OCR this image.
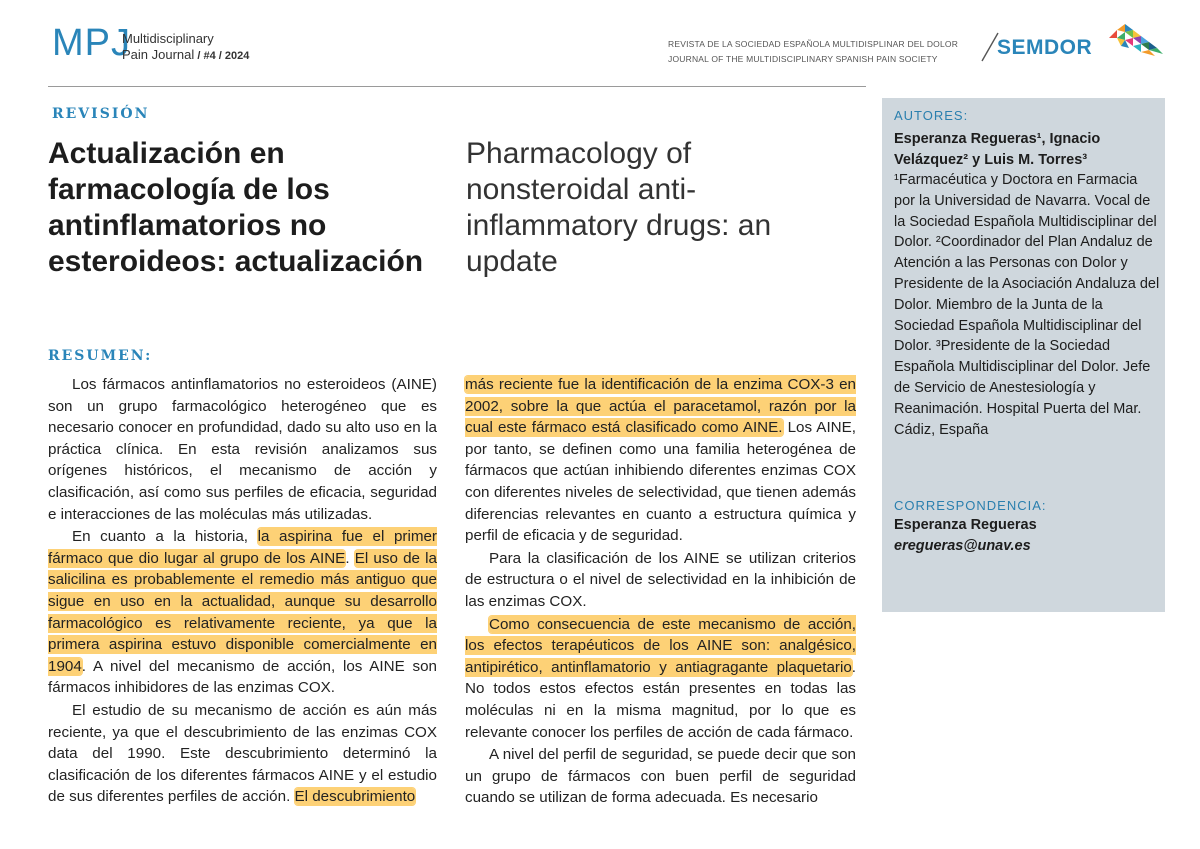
MPJ
Multidisciplinary
Pain Journal / #4 / 2024
REVISTA DE LA SOCIEDAD ESPAÑOLA MULTIDISPLINAR DEL DOLOR
JOURNAL OF THE MULTIDISCIPLINARY SPANISH PAIN SOCIETY	SEMDOR
REVISIÓN
Actualización en farmacología de los antinflamatorios no esteroideos: actualización
Pharmacology of nonsteroidal anti-inflammatory drugs: an update
RESUMEN:

Los fármacos antinflamatorios no esteroideos (AINE) son un grupo farmacológico heterogéneo que es necesario conocer en profundidad, dado su alto uso en la práctica clínica. En esta revisión analizamos sus orígenes históricos, el mecanismo de acción y clasificación, así como sus perfiles de eficacia, seguridad e interacciones de las moléculas más utilizadas.

En cuanto a la historia, la aspirina fue el primer fármaco que dio lugar al grupo de los AINE. El uso de la salicilina es probablemente el remedio más antiguo que sigue en uso en la actualidad, aunque su desarrollo farmacológico es relativamente reciente, ya que la primera aspirina estuvo disponible comercialmente en 1904. A nivel del mecanismo de acción, los AINE son fármacos inhibidores de las enzimas COX.

El estudio de su mecanismo de acción es aún más reciente, ya que el descubrimiento de las enzimas COX data del 1990. Este descubrimiento determinó la clasificación de los diferentes fármacos AINE y el estudio de sus diferentes perfiles de acción. El descubrimiento

más reciente fue la identificación de la enzima COX-3 en 2002, sobre la que actúa el paracetamol, razón por la cual este fármaco está clasificado como AINE. Los AINE, por tanto, se definen como una familia heterogénea de fármacos que actúan inhibiendo diferentes enzimas COX con diferentes niveles de selectividad, que tienen además diferencias relevantes en cuanto a estructura química y perfil de eficacia y de seguridad.

Para la clasificación de los AINE se utilizan criterios de estructura o el nivel de selectividad en la inhibición de las enzimas COX.

Como consecuencia de este mecanismo de acción, los efectos terapéuticos de los AINE son: analgésico, antipirético, antinflamatorio y antiagragante plaquetario. No todos estos efectos están presentes en todas las moléculas ni en la misma magnitud, por lo que es relevante conocer los perfiles de acción de cada fármaco.

A nivel del perfil de seguridad, se puede decir que son un grupo de fármacos con buen perfil de seguridad cuando se utilizan de forma adecuada. Es necesario

AUTORES:
Esperanza Regueras¹, Ignacio Velázquez² y Luis M. Torres³
¹Farmacéutica y Doctora en Farmacia por la Universidad de Navarra. Vocal de la Sociedad Española Multidisciplinar del Dolor. ²Coordinador del Plan Andaluz de Atención a las Personas con Dolor y Presidente de la Asociación Andaluza del Dolor. Miembro de la Junta de la Sociedad Española Multidisciplinar del Dolor. ³Presidente de la Sociedad Española Multidisciplinar del Dolor. Jefe de Servicio de Anestesiología y Reanimación. Hospital Puerta del Mar. Cádiz, España
CORRESPONDENCIA:
Esperanza Regueras
eregueras@unav.es
